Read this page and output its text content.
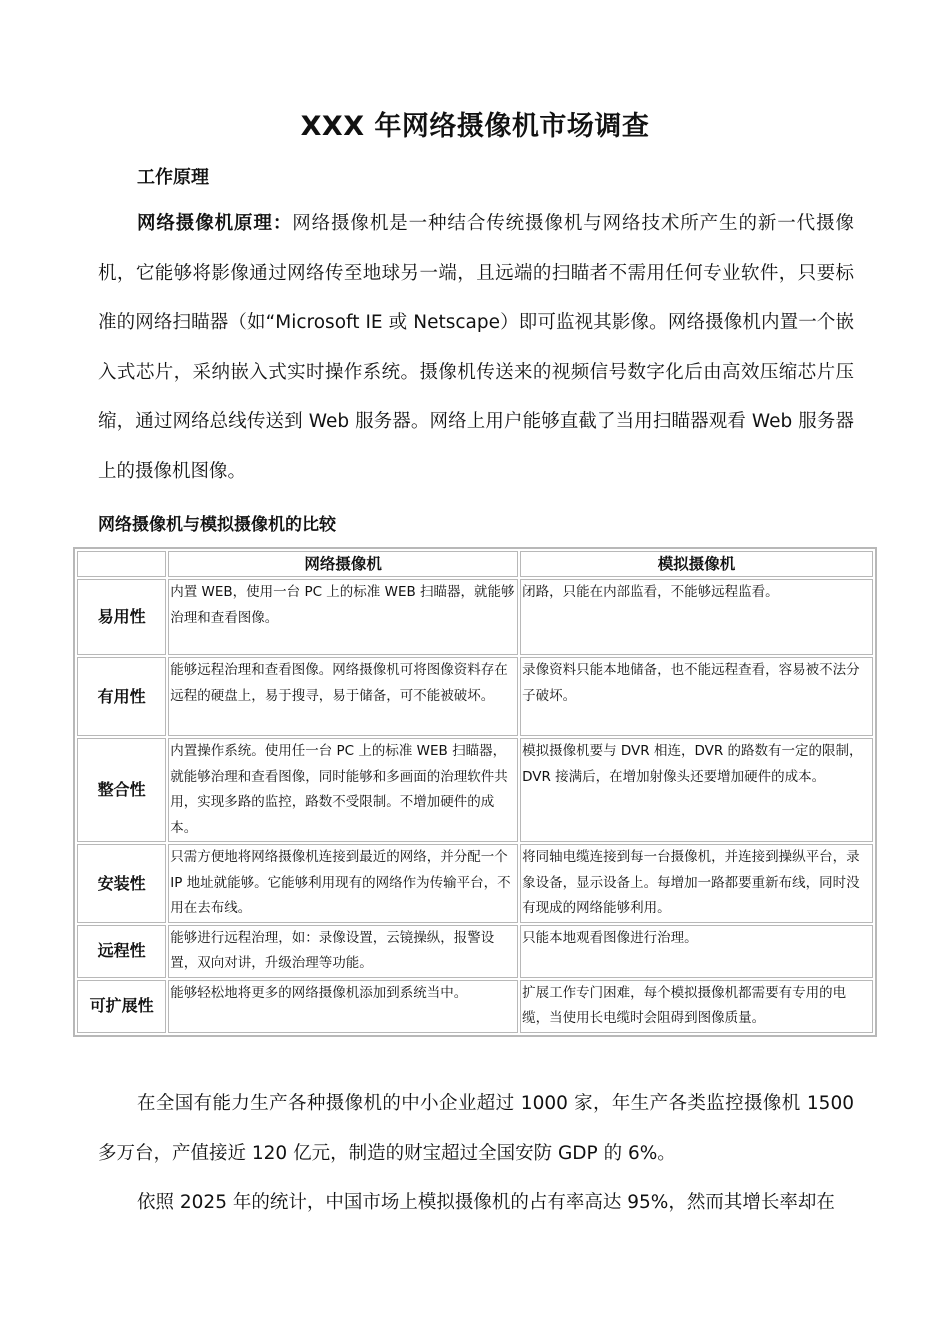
XXX 年网络摄像机市场调查
工作原理
网络摄像机原理：网络摄像机是一种结合传统摄像机与网络技术所产生的新一代摄像机，它能够将影像通过网络传至地球另一端，且远端的扫瞄者不需用任何专业软件，只要标准的网络扫瞄器（如“Microsoft IE 或 Netscape）即可监视其影像。网络摄像机内置一个嵌入式芯片，采纳嵌入式实时操作系统。摄像机传送来的视频信号数字化后由高效压缩芯片压缩，通过网络总线传送到 Web 服务器。网络上用户能够直截了当用扫瞄器观看 Web 服务器上的摄像机图像。
网络摄像机与模拟摄像机的比较
	网络摄像机	模拟摄像机
易用性	内置 WEB，使用一台 PC 上的标准 WEB 扫瞄器，就能够治理和查看图像。	闭路，只能在内部监看，不能够远程监看。
有用性	能够远程治理和查看图像。网络摄像机可将图像资料存在远程的硬盘上，易于搜寻，易于储备，可不能被破坏。	录像资料只能本地储备，也不能远程查看，容易被不法分子破坏。
整合性	内置操作系统。使用任一台 PC 上的标准 WEB 扫瞄器，就能够治理和查看图像，同时能够和多画面的治理软件共用，实现多路的监控，路数不受限制。不增加硬件的成本。	模拟摄像机要与 DVR 相连，DVR 的路数有一定的限制，DVR 接满后，在增加射像头还要增加硬件的成本。
安装性	只需方便地将网络摄像机连接到最近的网络，并分配一个 IP 地址就能够。它能够利用现有的网络作为传输平台，不用在去布线。	将同轴电缆连接到每一台摄像机，并连接到操纵平台，录象设备，显示设备上。每增加一路都要重新布线，同时没有现成的网络能够利用。
远程性	能够进行远程治理，如：录像设置，云镜操纵，报警设置，双向对讲，升级治理等功能。	只能本地观看图像进行治理。
可扩展性	能够轻松地将更多的网络摄像机添加到系统当中。	扩展工作专门困难，每个模拟摄像机都需要有专用的电缆，当使用长电缆时会阻碍到图像质量。
在全国有能力生产各种摄像机的中小企业超过 1000 家，年生产各类监控摄像机 1500 多万台，产值接近 120 亿元，制造的财宝超过全国安防 GDP 的 6%。
依照 2025 年的统计，中国市场上模拟摄像机的占有率高达 95%，然而其增长率却在
